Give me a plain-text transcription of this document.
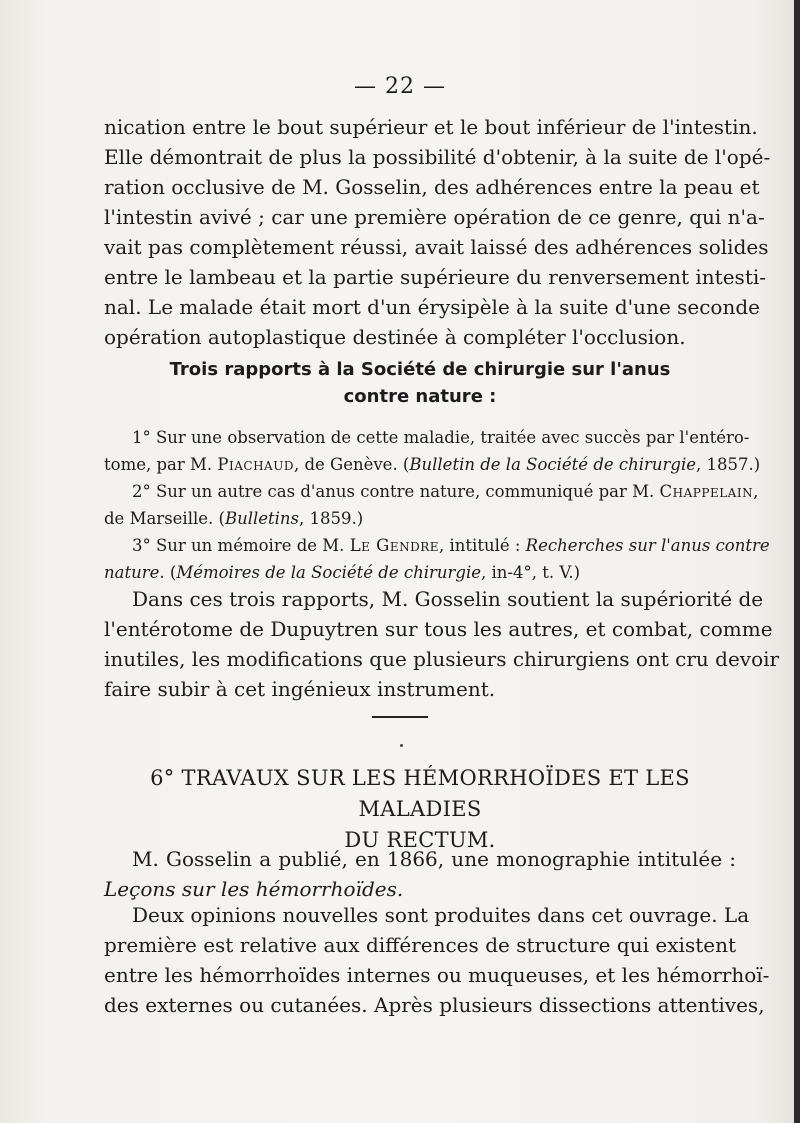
— 22 —
nication entre le bout supérieur et le bout inférieur de l'intestin.
Elle démontrait de plus la possibilité d'obtenir, à la suite de l'opé-
ration occlusive de M. Gosselin, des adhérences entre la peau et
l'intestin avivé ; car une première opération de ce genre, qui n'a-
vait pas complètement réussi, avait laissé des adhérences solides
entre le lambeau et la partie supérieure du renversement intesti-
nal. Le malade était mort d'un érysipèle à la suite d'une seconde
opération autoplastique destinée à compléter l'occlusion.
Trois rapports à la Société de chirurgie sur l'anus
contre nature :
1° Sur une observation de cette maladie, traitée avec succès par l'entéro-
tome, par M. Piachaud, de Genève. (Bulletin de la Société de chirurgie, 1857.)
2° Sur un autre cas d'anus contre nature, communiqué par M. Chappelain,
de Marseille. (Bulletins, 1859.)
3° Sur un mémoire de M. Le Gendre, intitulé : Recherches sur l'anus contre
nature. (Mémoires de la Société de chirurgie, in-4°, t. V.)
Dans ces trois rapports, M. Gosselin soutient la supériorité de
l'entérotome de Dupuytren sur tous les autres, et combat, comme
inutiles, les modifications que plusieurs chirurgiens ont cru devoir
faire subir à cet ingénieux instrument.
6° TRAVAUX SUR LES HÉMORRHOÏDES ET LES MALADIES
DU RECTUM.
M. Gosselin a publié, en 1866, une monographie intitulée :
Leçons sur les hémorrhoïdes.
Deux opinions nouvelles sont produites dans cet ouvrage. La
première est relative aux différences de structure qui existent
entre les hémorrhoïdes internes ou muqueuses, et les hémorrhoï-
des externes ou cutanées. Après plusieurs dissections attentives,
